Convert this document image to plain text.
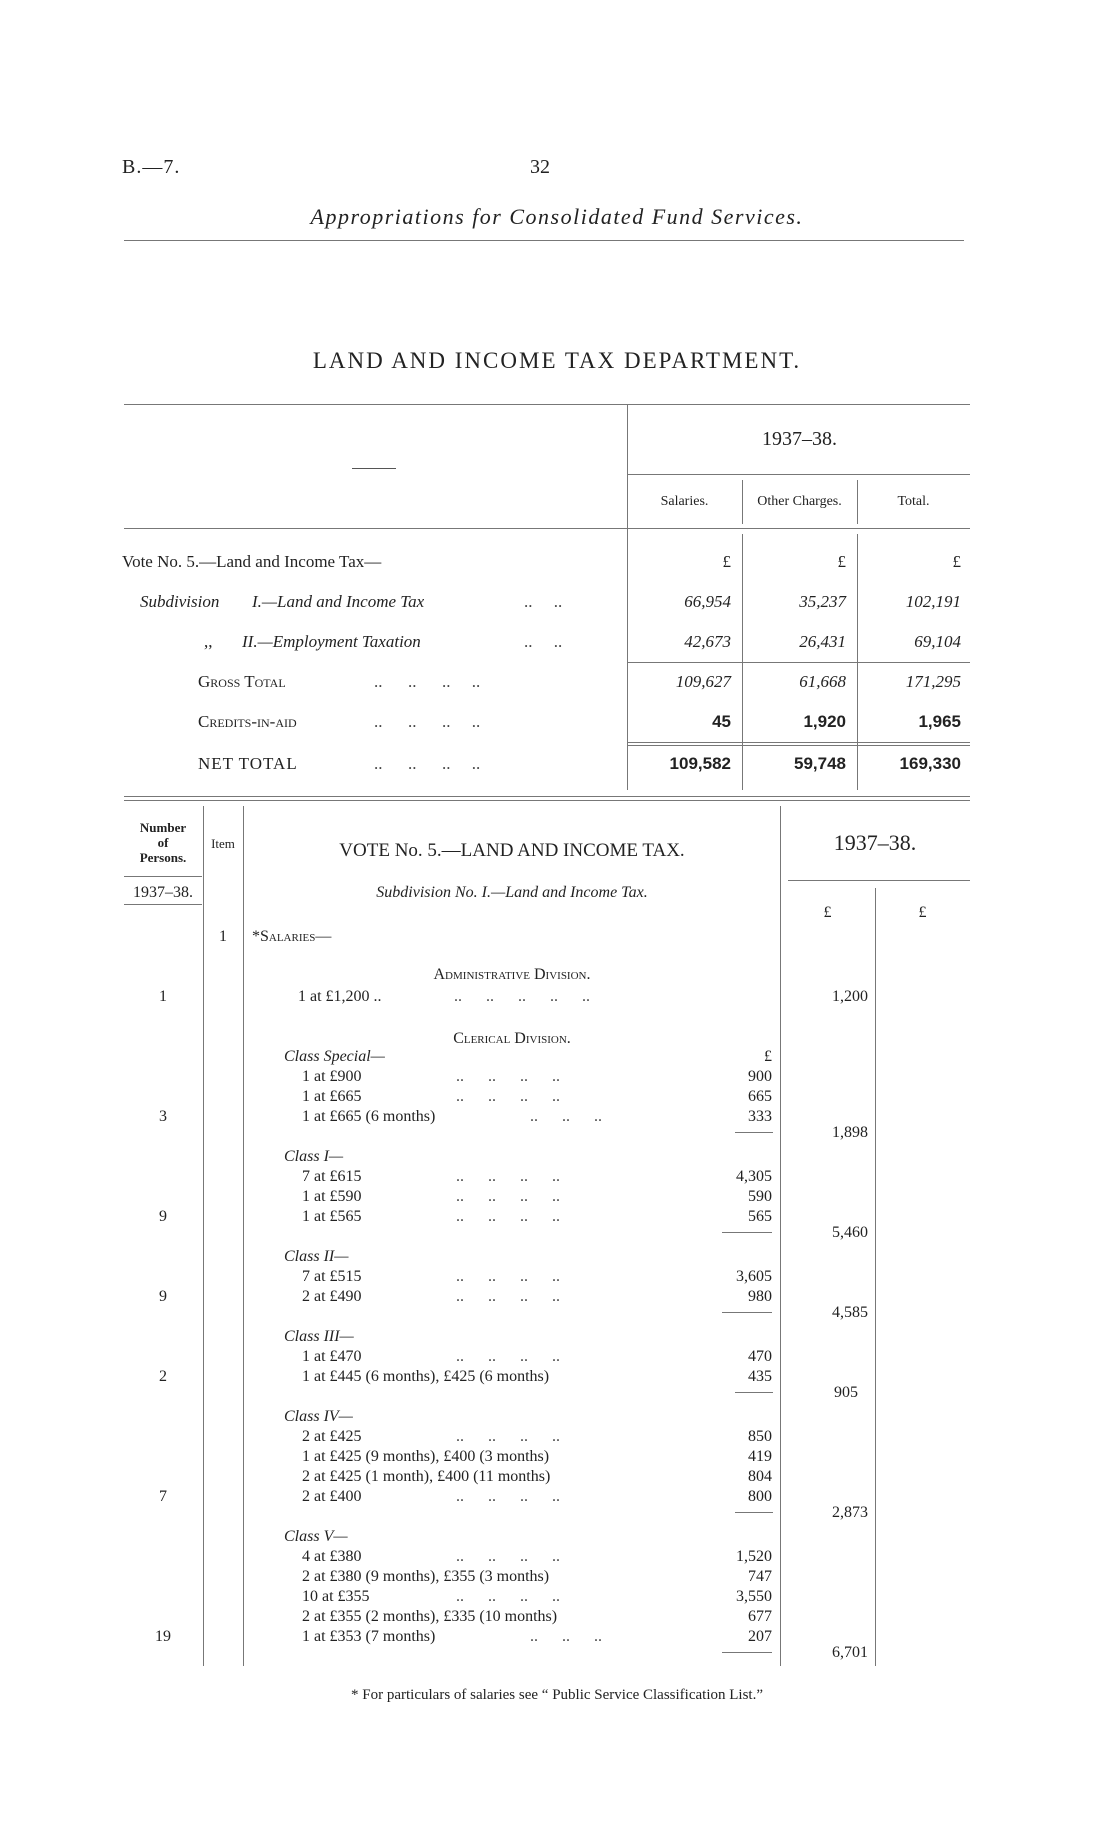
B.—7.	32
Appropriations for Consolidated Fund Services.
LAND AND INCOME TAX DEPARTMENT.
1937–38.
Salaries.	Other Charges.	Total.
Vote No. 5.—Land and Income Tax—	£	£	£
Subdivision I.—Land and Income Tax	..     ..	66,954	35,237	102,191
,, II.—Employment Taxation	..     ..	42,673	26,431	69,104
Gross Total	..      ..      ..     ..	109,627	61,668	171,295
Credits-in-aid	..      ..      ..     ..	45	1,920	1,965
NET TOTAL	..      ..      ..     ..	109,582	59,748	169,330
Number
of
Persons.
Item	VOTE No. 5.—LAND AND INCOME TAX.	1937–38.
1937–38.	Subdivision No. I.—Land and Income Tax.
£	£
1	*Salaries—
Administrative Division.
1	1 at £1,200 ..	..      ..      ..      ..      ..	1,200
Clerical Division.
£
Class Special—
1 at £900	..      ..      ..      ..	900
1 at £665	..      ..      ..      ..	665
3	1 at £665 (6 months)	..      ..      ..	333
1,898
Class I—
7 at £615	..      ..      ..      ..	4,305
1 at £590	..      ..      ..      ..	590
9	1 at £565	..      ..      ..      ..	565
5,460
Class II—
7 at £515	..      ..      ..      ..	3,605
9	2 at £490	..      ..      ..      ..	980
4,585
Class III—
1 at £470	..      ..      ..      ..	470
2	1 at £445 (6 months), £425 (6 months)	435
905
Class IV—
2 at £425	..      ..      ..      ..	850
1 at £425 (9 months), £400 (3 months)	419
2 at £425 (1 month), £400 (11 months)	804
7	2 at £400	..      ..      ..      ..	800
2,873
Class V—
4 at £380	..      ..      ..      ..	1,520
2 at £380 (9 months), £355 (3 months)	747
10 at £355	..      ..      ..      ..	3,550
2 at £355 (2 months), £335 (10 months)	677
19	1 at £353 (7 months)	..      ..      ..	207
6,701
* For particulars of salaries see “ Public Service Classification List.”
